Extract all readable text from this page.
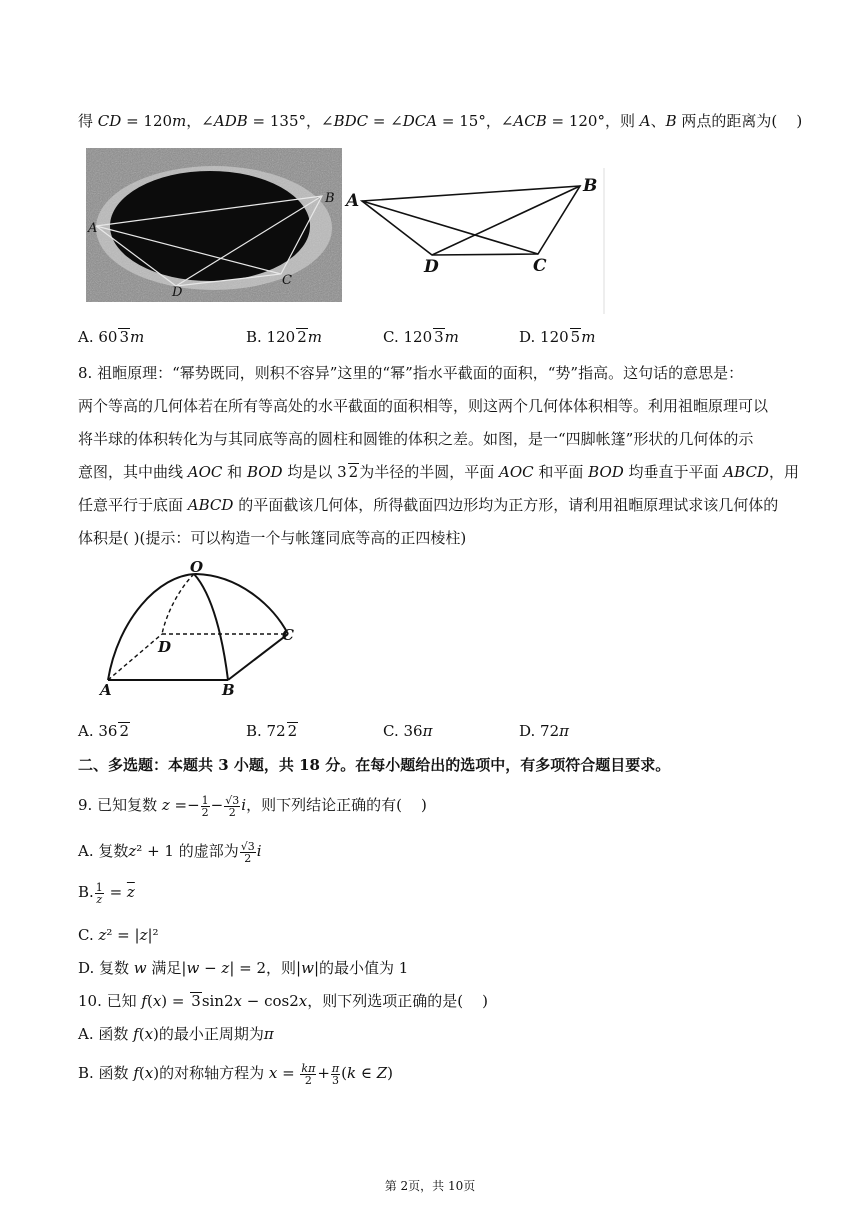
得 CD = 120m，∠ADB = 135°，∠BDC = ∠DCA = 15°，∠ACB = 120°，则 A、B 两点的距离为(    )
A
B
C
D
A
B
C
D
A. 60 3m	B. 120 2m	C. 120 3m	D. 120 5m
8. 祖暅原理：“幂势既同，则积不容异”这里的“幂”指水平截面的面积，“势”指高。这句话的意思是：
两个等高的几何体若在所有等高处的水平截面的面积相等，则这两个几何体体积相等。利用祖暅原理可以
将半球的体积转化为与其同底等高的圆柱和圆锥的体积之差。如图，是一“四脚帐篷”形状的几何体的示
意图，其中曲线 AOC 和 BOD 均是以 3 2为半径的半圆，平面 AOC 和平面 BOD 均垂直于平面 ABCD，用
任意平行于底面 ABCD 的平面截该几何体，所得截面四边形均为正方形，请利用祖暅原理试求该几何体的
体积是( )(提示：可以构造一个与帐篷同底等高的正四棱柱)
O
D
C
A	B
A. 36 2	B. 72 2	C. 36π	D. 72π
二、多选题：本题共 3 小题，共 18 分。在每小题给出的选项中，有多项符合题目要求。
9. 已知复数 $z =- \frac{1}{2} - \frac{√3}{2}$ i，则下列结论正确的有(    )
A. 复数z² + 1 的虚部为 $\frac{√3}{2}$ i
B. $\frac{1}{z} = \overline{z}$
C. z² = |z|²
D. 复数 w 满足|w − z| = 2，则|w|的最小值为 1
10. 已知 f(x) = 3sin2x − cos2x，则下列选项正确的是(    )
A. 函数 f(x)的最小正周期为π
B. 函数 f(x)的对称轴方程为 $x = \frac{k\pi}{2} + \frac{\pi}{3} (k$ ∈ Z)
第 2页，共 10页
